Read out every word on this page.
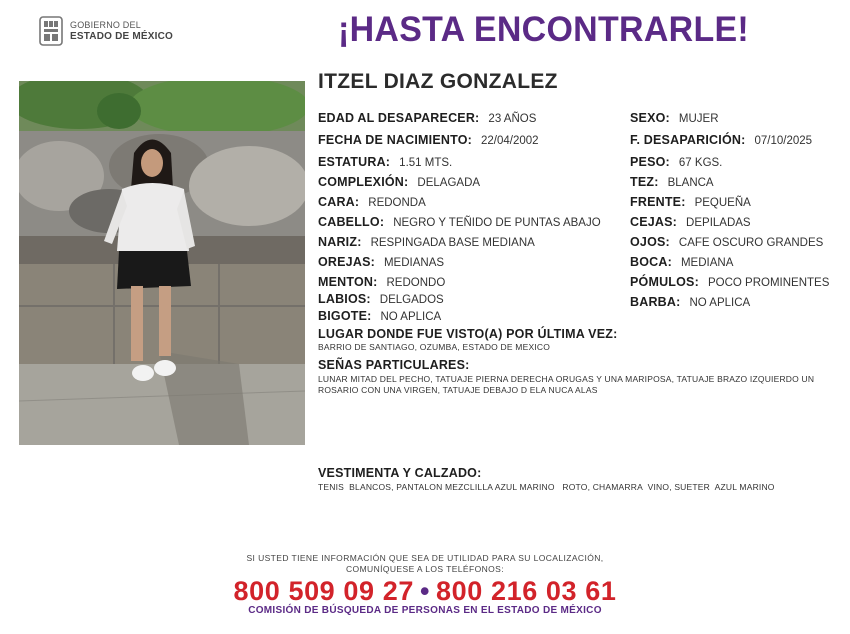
GOBIERNO DEL
ESTADO DE MÉXICO	¡HASTA ENCONTRARLE!
ITZEL DIAZ GONZALEZ
EDAD AL DESAPARECER: 23 AÑOS
FECHA DE NACIMIENTO: 22/04/2002
ESTATURA: 1.51 MTS.
COMPLEXIÓN: DELAGADA
CARA: REDONDA
CABELLO: NEGRO Y TEÑIDO DE PUNTAS ABAJO
NARIZ: RESPINGADA BASE MEDIANA
OREJAS: MEDIANAS
MENTON: REDONDO
LABIOS: DELGADOS
BIGOTE: NO APLICA
SEXO: MUJER
F. DESAPARICIÓN: 07/10/2025
PESO: 67 KGS.
TEZ: BLANCA
FRENTE: PEQUEÑA
CEJAS: DEPILADAS
OJOS: CAFE OSCURO GRANDES
BOCA: MEDIANA
PÓMULOS: POCO PROMINENTES
BARBA: NO APLICA
LUGAR DONDE FUE VISTO(A) POR ÚLTIMA VEZ:
BARRIO DE SANTIAGO, OZUMBA, ESTADO DE MEXICO
SEÑAS PARTICULARES:
LUNAR MITAD DEL PECHO, TATUAJE PIERNA DERECHA ORUGAS Y UNA MARIPOSA, TATUAJE BRAZO IZQUIERDO UN
ROSARIO CON UNA VIRGEN, TATUAJE DEBAJO D ELA NUCA ALAS
VESTIMENTA Y CALZADO:
TENIS  BLANCOS, PANTALON MEZCLILLA AZUL MARINO   ROTO, CHAMARRA  VINO, SUETER  AZUL MARINO
SI USTED TIENE INFORMACIÓN QUE SEA DE UTILIDAD PARA SU LOCALIZACIÓN,
COMUNÍQUESE A LOS TELÉFONOS:
800 509 09 27 • 800 216 03 61
COMISIÓN DE BÚSQUEDA DE PERSONAS EN EL ESTADO DE MÉXICO
